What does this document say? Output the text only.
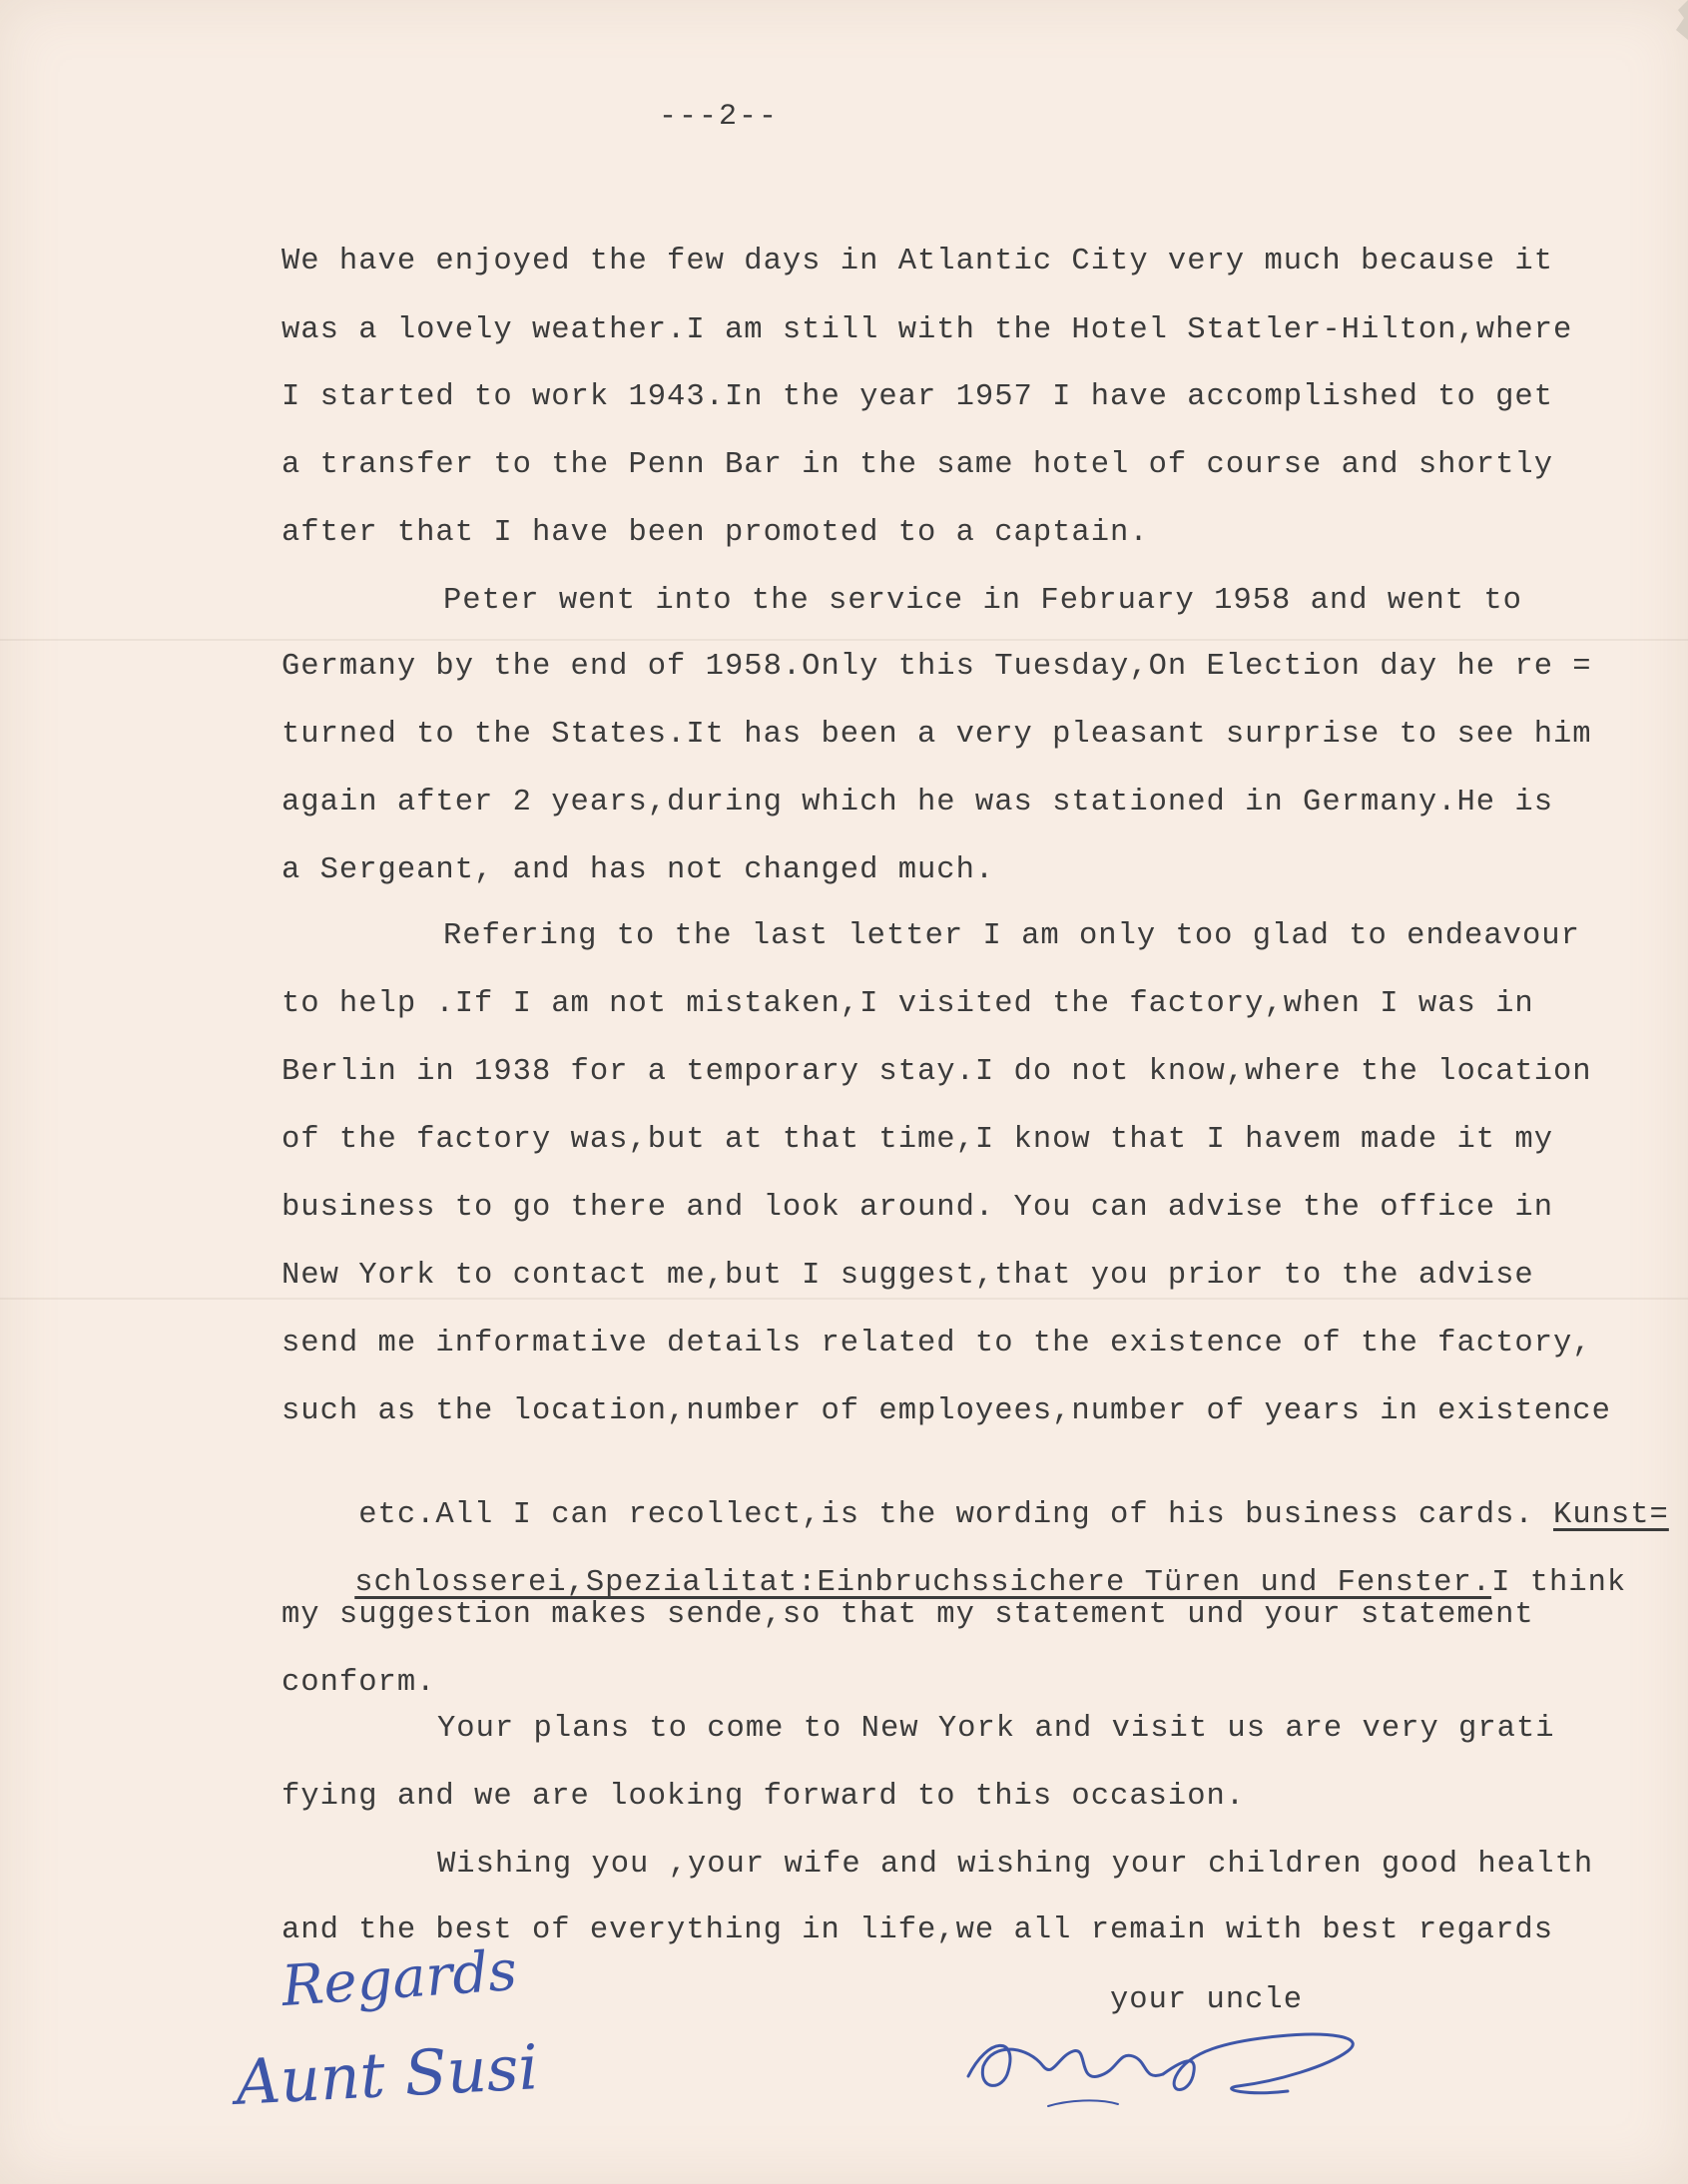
---2--
We have enjoyed the few days in Atlantic City very much because it
was a lovely weather.I am still with the Hotel Statler-Hilton,where
I started to work 1943.In the year 1957 I have accomplished to get
a transfer to the Penn Bar in the same hotel of course and shortly
after that I have been promoted to a captain.
Peter went into the service in February 1958 and went to
Germany by the end of 1958.Only this Tuesday,On Election day he re =
turned to the States.It has been a very pleasant surprise to see him
again after 2 years,during which he was stationed in Germany.He is
a Sergeant, and has not changed much.
Refering to the last letter I am only too glad to endeavour
to help .If I am not mistaken,I visited the factory,when I was in
Berlin in 1938 for a temporary stay.I do not know,where the location
of the factory was,but at that time,I know that I havem made it my
business to go there and look around. You can advise the office in
New York to contact me,but I suggest,that you prior to the advise
send me informative details related to the existence of the factory,
such as the location,number of employees,number of years in existence

etc.All I can recollect,is the wording of his business cards. Kunst=

schlosserei,Spezialitat:Einbruchssichere Türen und Fenster.I think

my suggestion makes sende,so that my statement und your statement
conform.
Your plans to come to New York and visit us are very grati
fying and we are looking forward to this occasion.
Wishing you ,your wife and wishing your children good health
and the best of everything in life,we all remain with best regards
your uncle
Regards
Aunt Susi
